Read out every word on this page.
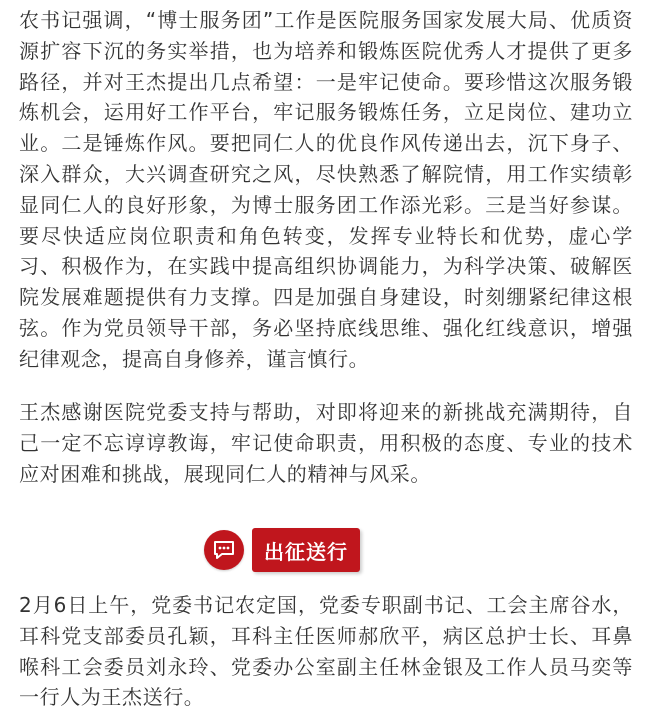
农书记强调，“博士服务团”工作是医院服务国家发展大局、优质资源扩容下沉的务实举措，也为培养和锻炼医院优秀人才提供了更多路径，并对王杰提出几点希望：一是牢记使命。要珍惜这次服务锻炼机会，运用好工作平台，牢记服务锻炼任务，立足岗位、建功立业。二是锤炼作风。要把同仁人的优良作风传递出去，沉下身子、深入群众，大兴调查研究之风，尽快熟悉了解院情，用工作实绩彰显同仁人的良好形象，为博士服务团工作添光彩。三是当好参谋。要尽快适应岗位职责和角色转变，发挥专业特长和优势，虚心学习、积极作为，在实践中提高组织协调能力，为科学决策、破解医院发展难题提供有力支撑。四是加强自身建设，时刻绷紧纪律这根弦。作为党员领导干部，务必坚持底线思维、强化红线意识，增强纪律观念，提高自身修养，谨言慎行。

王杰感谢医院党委支持与帮助，对即将迎来的新挑战充满期待，自己一定不忘谆谆教诲，牢记使命职责，用积极的态度、专业的技术应对困难和挑战，展现同仁人的精神与风采。

2月6日上午，党委书记农定国，党委专职副书记、工会主席谷水，耳科党支部委员孔颖，耳科主任医师郝欣平，病区总护士长、耳鼻喉科工会委员刘永玲、党委办公室副主任林金银及工作人员马奕等一行人为王杰送行。

出征送行
